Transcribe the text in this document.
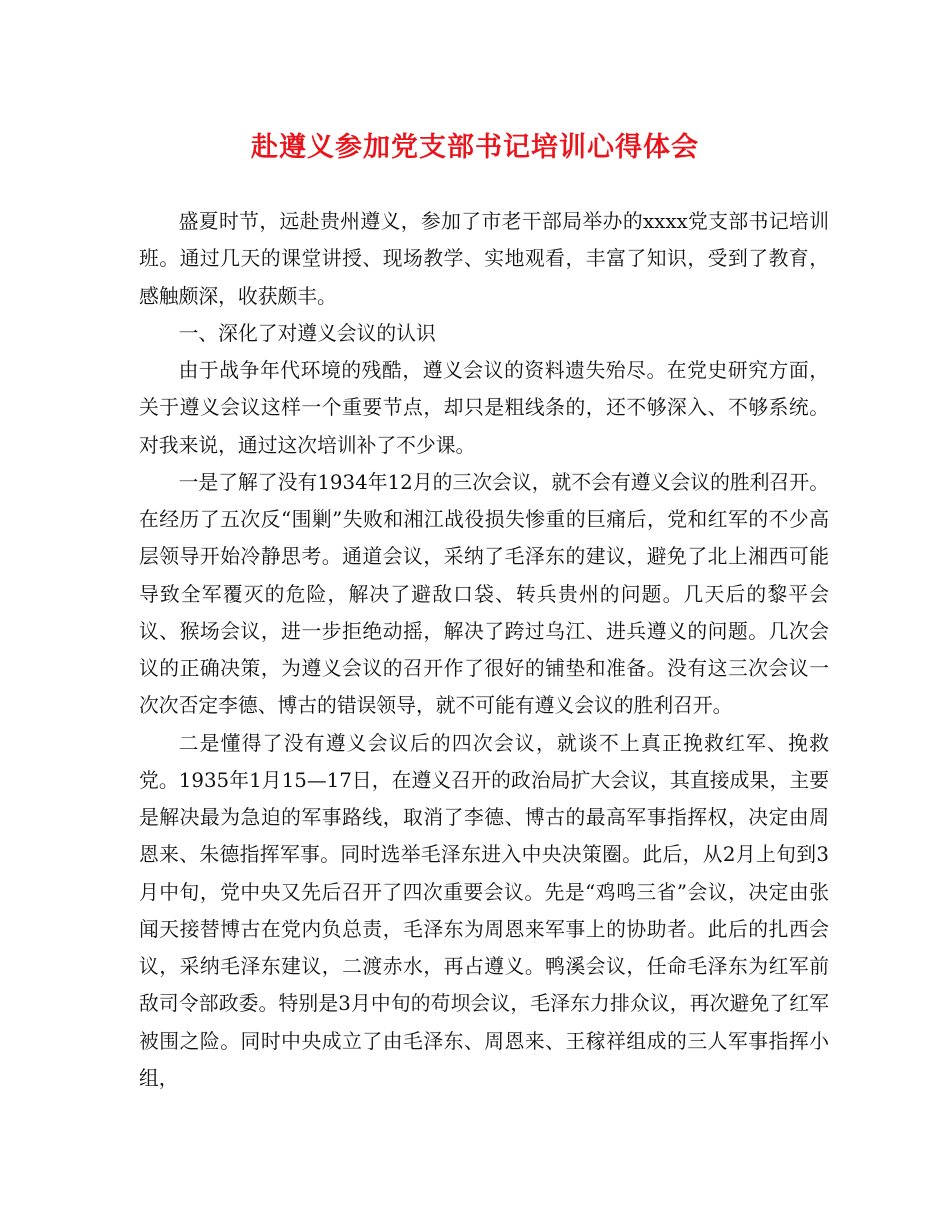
赴遵义参加党支部书记培训心得体会

盛夏时节，远赴贵州遵义，参加了市老干部局举办的xxxx党支部书记培训班。通过几天的课堂讲授、现场教学、实地观看，丰富了知识，受到了教育，感触颇深，收获颇丰。

一、深化了对遵义会议的认识

由于战争年代环境的残酷，遵义会议的资料遗失殆尽。在党史研究方面，关于遵义会议这样一个重要节点，却只是粗线条的，还不够深入、不够系统。对我来说，通过这次培训补了不少课。

一是了解了没有1934年12月的三次会议，就不会有遵义会议的胜利召开。在经历了五次反“围剿”失败和湘江战役损失惨重的巨痛后，党和红军的不少高层领导开始冷静思考。通道会议，采纳了毛泽东的建议，避免了北上湘西可能导致全军覆灭的危险，解决了避敌口袋、转兵贵州的问题。几天后的黎平会议、猴场会议，进一步拒绝动摇，解决了跨过乌江、进兵遵义的问题。几次会议的正确决策，为遵义会议的召开作了很好的铺垫和准备。没有这三次会议一次次否定李德、博古的错误领导，就不可能有遵义会议的胜利召开。

二是懂得了没有遵义会议后的四次会议，就谈不上真正挽救红军、挽救党。1935年1月15—17日，在遵义召开的政治局扩大会议，其直接成果，主要是解决最为急迫的军事路线，取消了李德、博古的最高军事指挥权，决定由周恩来、朱德指挥军事。同时选举毛泽东进入中央决策圈。此后，从2月上旬到3月中旬，党中央又先后召开了四次重要会议。先是“鸡鸣三省”会议，决定由张闻天接替博古在党内负总责，毛泽东为周恩来军事上的协助者。此后的扎西会议，采纳毛泽东建议，二渡赤水，再占遵义。鸭溪会议，任命毛泽东为红军前敌司令部政委。特别是3月中旬的苟坝会议，毛泽东力排众议，再次避免了红军被围之险。同时中央成立了由毛泽东、周恩来、王稼祥组成的三人军事指挥小组，
